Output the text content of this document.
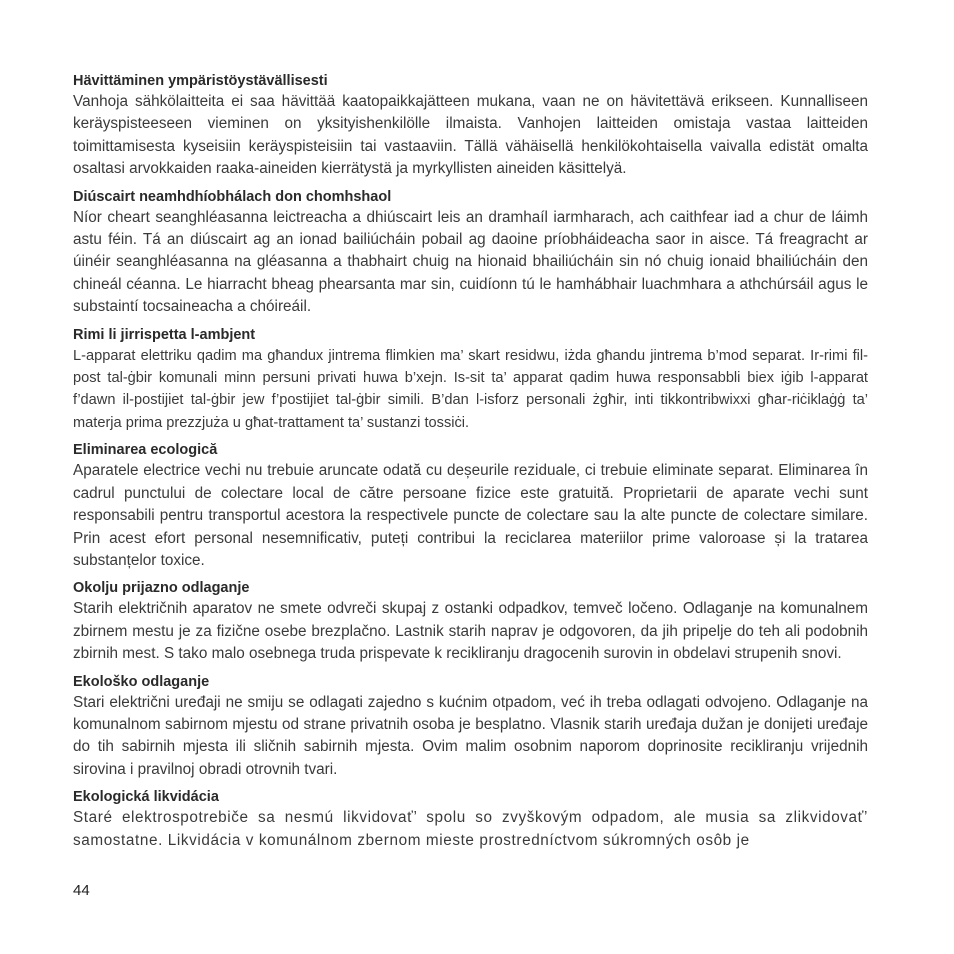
Hävittäminen ympäristöystävällisesti

Vanhoja sähkölaitteita ei saa hävittää kaatopaikkajätteen mukana, vaan ne on hävitettävä erikseen. Kunnalliseen keräyspisteeseen vieminen on yksityishenkilölle ilmaista. Vanhojen laitteiden omistaja vastaa laitteiden toimittamisesta kyseisiin keräyspisteisiin tai vastaaviin. Tällä vähäisellä henkilökohtaisella vaivalla edistät omalta osaltasi arvokkaiden raaka-aineiden kierrätystä ja myrkyllisten aineiden käsittelyä.

Diúscairt neamhdhíobhálach don chomhshaol

Níor cheart seanghléasanna leictreacha a dhiúscairt leis an dramhaíl iarmharach, ach caithfear iad a chur de láimh astu féin. Tá an diúscairt ag an ionad bailiúcháin pobail ag daoine príobháideacha saor in aisce. Tá freagracht ar úinéir seanghléasanna na gléasanna a thabhairt chuig na hionaid bhailiúcháin sin nó chuig ionaid bhailiúcháin den chineál céanna. Le hiarracht bheag phearsanta mar sin, cuidíonn tú le hamhábhair luachmhara a athchúrsáil agus le substaintí tocsaineacha a chóireáil.

Rimi li jirrispetta l-ambjent

L-apparat elettriku qadim ma għandux jintrema flimkien ma’ skart residwu, iżda għandu jintrema b’mod separat. Ir-rimi fil-post tal-ġbir komunali minn persuni privati huwa b’xejn. Is-sit ta’ apparat qadim huwa responsabbli biex iġib l-apparat f’dawn il-postijiet tal-ġbir jew f’postijiet tal-ġbir simili. B’dan l-isforz personali żgħir, inti tikkontribwixxi għar-riċiklaġġ ta’ materja prima prezzjuża u għat-trattament ta’ sustanzi tossiċi.

Eliminarea ecologică

Aparatele electrice vechi nu trebuie aruncate odată cu deșeurile reziduale, ci trebuie eliminate separat. Eliminarea în cadrul punctului de colectare local de către persoane fizice este gratuită. Proprietarii de aparate vechi sunt responsabili pentru transportul acestora la respectivele puncte de colectare sau la alte puncte de colectare similare. Prin acest efort personal nesemnificativ, puteți contribui la reciclarea materiilor prime valoroase și la tratarea substanțelor toxice.

Okolju prijazno odlaganje

Starih električnih aparatov ne smete odvreči skupaj z ostanki odpadkov, temveč ločeno. Odlaganje na komunalnem zbirnem mestu je za fizične osebe brezplačno. Lastnik starih naprav je odgovoren, da jih pripelje do teh ali podobnih zbirnih mest. S tako malo osebnega truda prispevate k recikliranju dragocenih surovin in obdelavi strupenih snovi.

Ekološko odlaganje

Stari električni uređaji ne smiju se odlagati zajedno s kućnim otpadom, već ih treba odlagati odvojeno. Odlaganje na komunalnom sabirnom mjestu od strane privatnih osoba je besplatno. Vlasnik starih uređaja dužan je donijeti uređaje do tih sabirnih mjesta ili sličnih sabirnih mjesta. Ovim malim osobnim naporom doprinosite recikliranju vrijednih sirovina i pravilnoj obradi otrovnih tvari.

Ekologická likvidácia

Staré elektrospotrebiče sa nesmú likvidovať’ spolu so zvyškovým odpadom, ale musia sa zlikvidovať’ samostatne. Likvidácia v komunálnom zbernom mieste prostredníctvom súkromných osôb je

44
